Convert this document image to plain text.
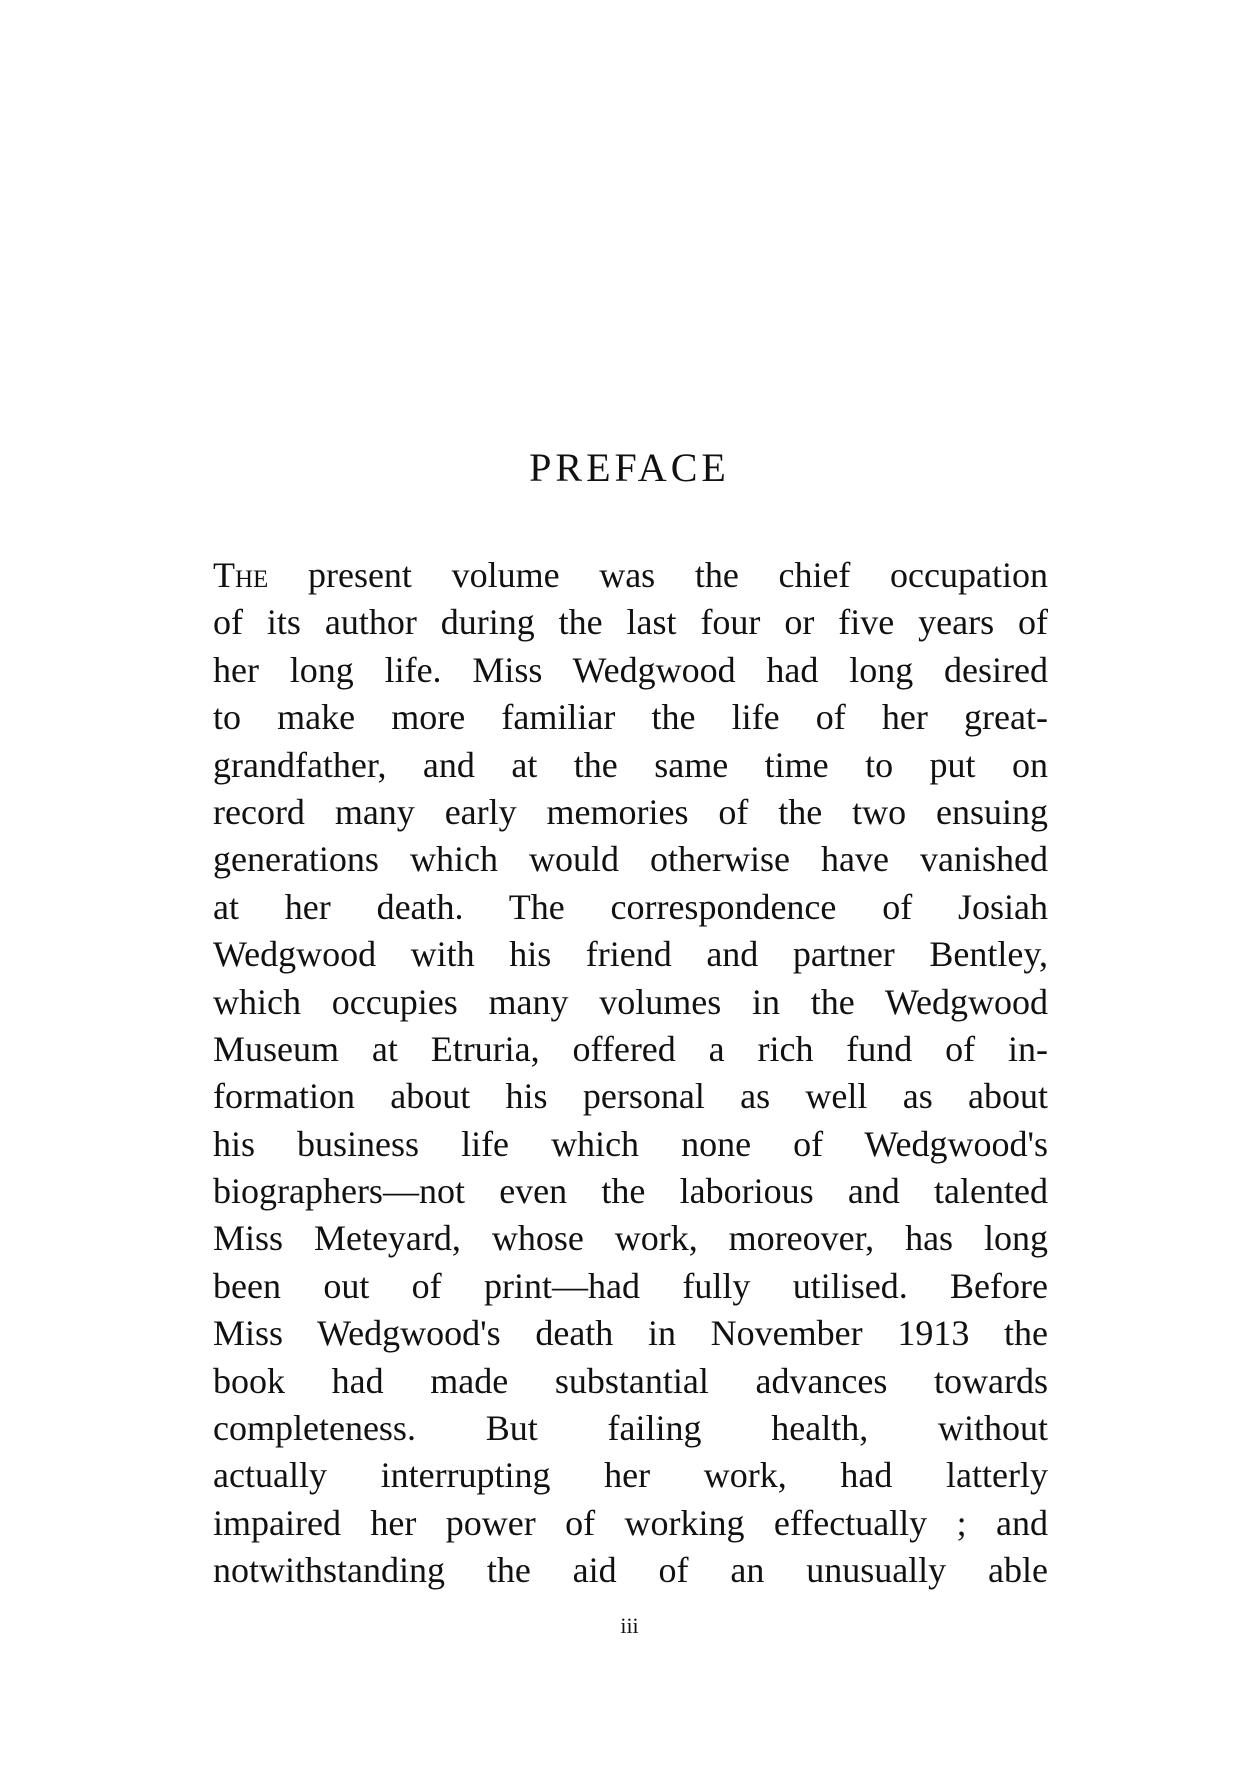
PREFACE
The present volume was the chief occupation
of its author during the last four or five years of
her long life. Miss Wedgwood had long desired
to make more familiar the life of her great-
grandfather, and at the same time to put on
record many early memories of the two ensuing
generations which would otherwise have vanished
at her death. The correspondence of Josiah
Wedgwood with his friend and partner Bentley,
which occupies many volumes in the Wedgwood
Museum at Etruria, offered a rich fund of in-
formation about his personal as well as about
his business life which none of Wedgwood's
biographers—not even the laborious and talented
Miss Meteyard, whose work, moreover, has long
been out of print—had fully utilised. Before
Miss Wedgwood's death in November 1913 the
book had made substantial advances towards
completeness. But failing health, without
actually interrupting her work, had latterly
impaired her power of working effectually ; and
notwithstanding the aid of an unusually able
iii
